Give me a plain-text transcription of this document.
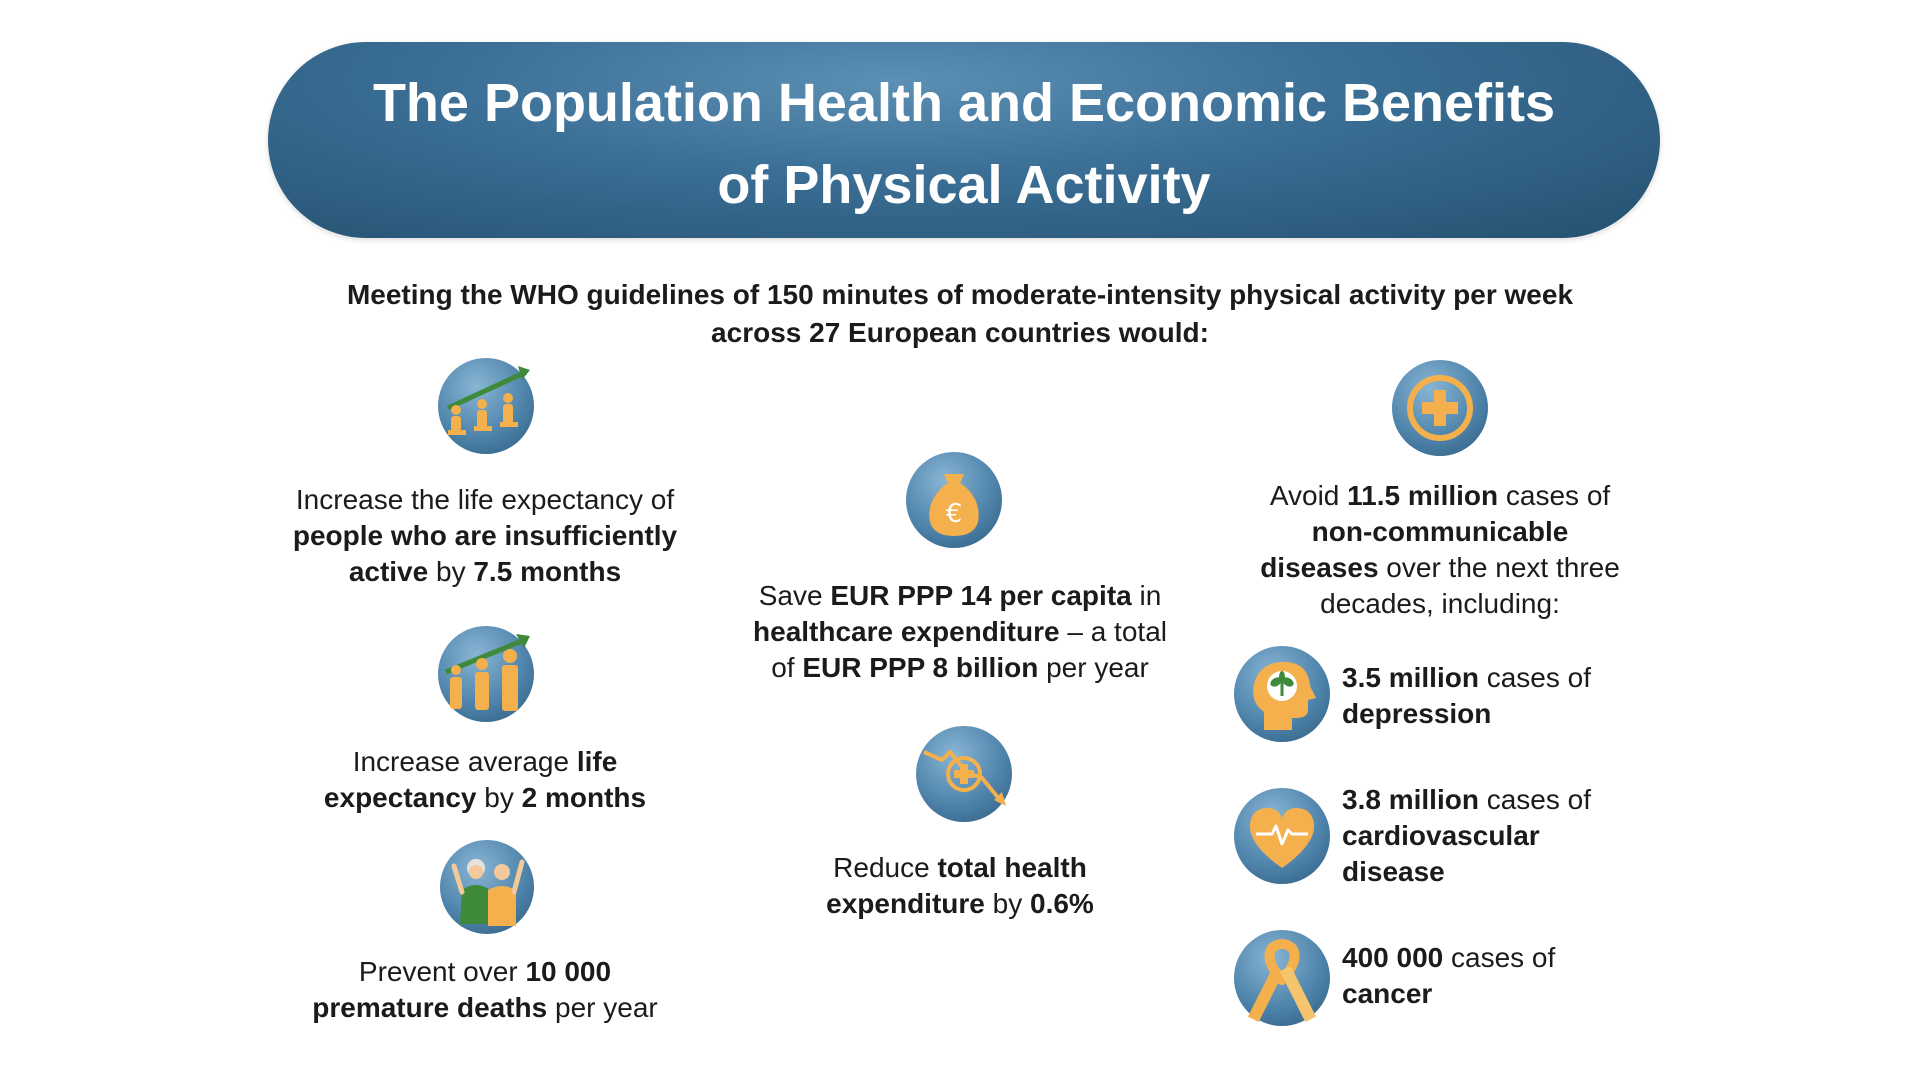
The Population Health and Economic Benefits
of Physical Activity
Meeting the WHO guidelines of 150 minutes of moderate-intensity physical activity per week
across 27 European countries would:
Increase the life expectancy of
people who are insufficiently
active by 7.5 months
Increase average life
expectancy by 2 months
Prevent over 10 000
premature deaths per year
€
Save EUR PPP 14 per capita in
healthcare expenditure – a total
of EUR PPP 8 billion per year
Reduce total health
expenditure by 0.6%
Avoid 11.5 million cases of
non-communicable
diseases over the next three
decades, including:
3.5 million cases of
depression
3.8 million cases of
cardiovascular
disease
400 000 cases of
cancer
